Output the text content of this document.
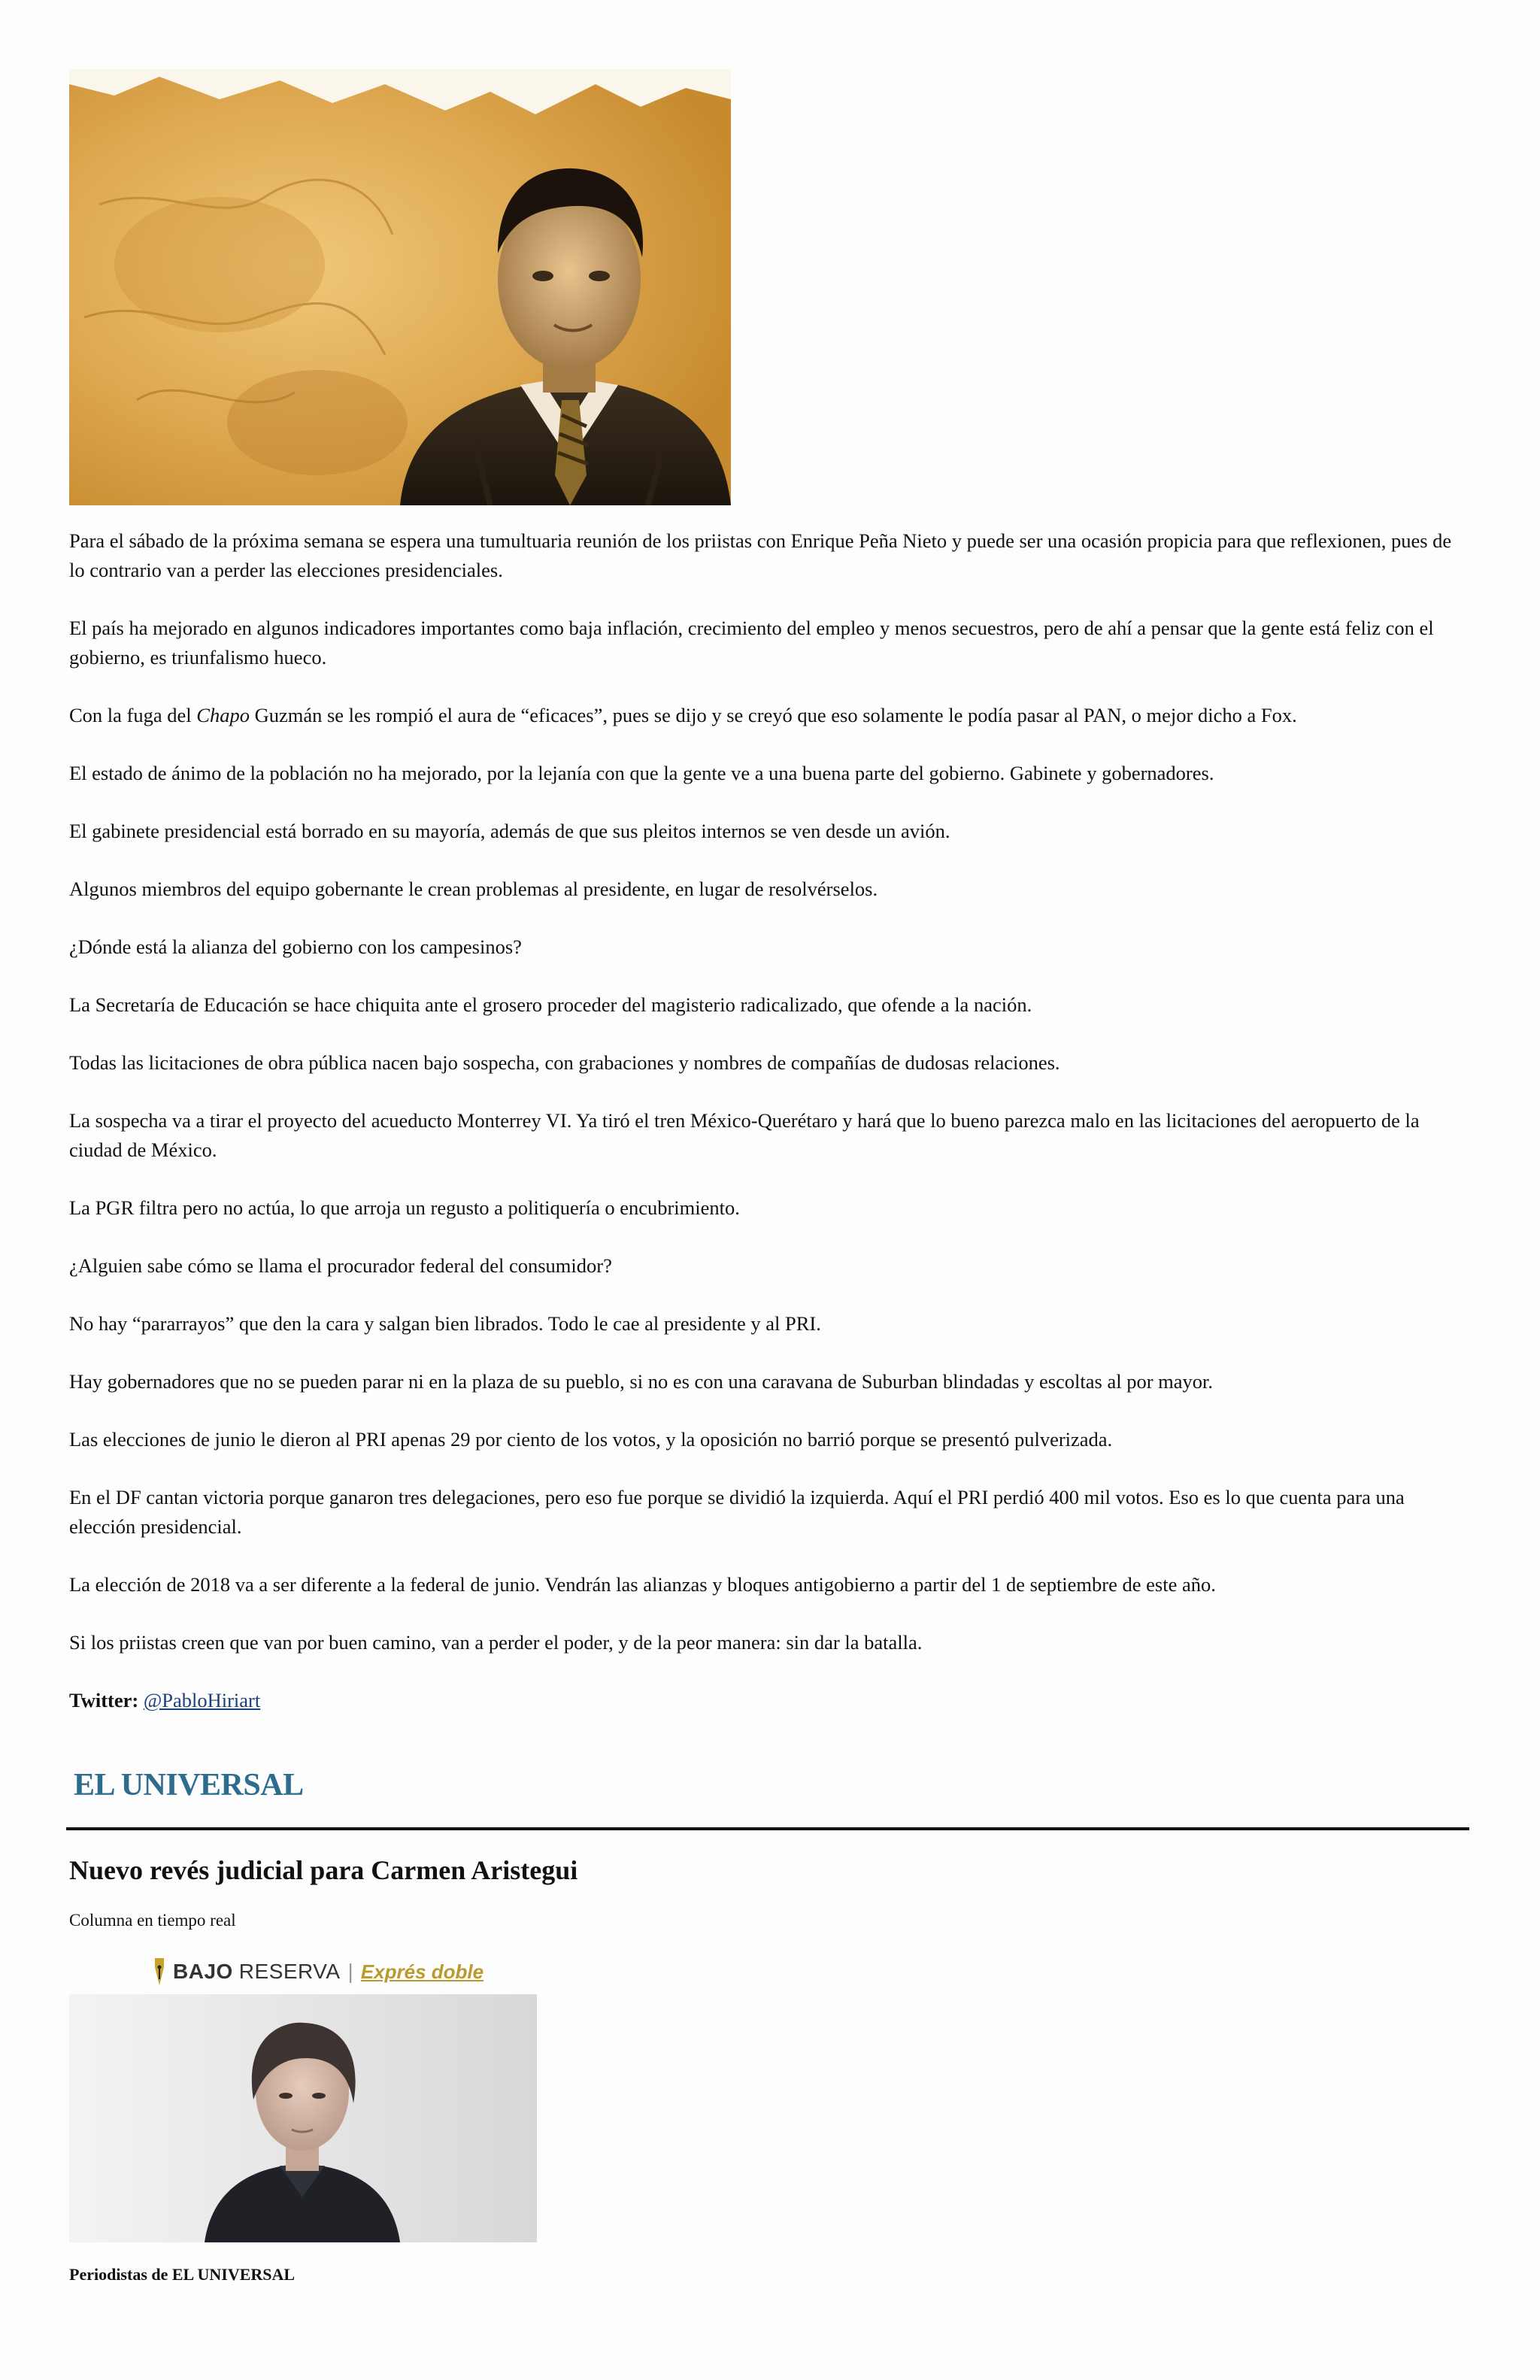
Para el sábado de la próxima semana se espera una tumultuaria reunión de los priistas con Enrique Peña Nieto y puede ser una ocasión propicia para que reflexionen, pues de lo contrario van a perder las elecciones presidenciales.

El país ha mejorado en algunos indicadores importantes como baja inflación, crecimiento del empleo y menos secuestros, pero de ahí a pensar que la gente está feliz con el gobierno, es triunfalismo hueco.

Con la fuga del Chapo Guzmán se les rompió el aura de “eficaces”, pues se dijo y se creyó que eso solamente le podía pasar al PAN, o mejor dicho a Fox.

El estado de ánimo de la población no ha mejorado, por la lejanía con que la gente ve a una buena parte del gobierno. Gabinete y gobernadores.

El gabinete presidencial está borrado en su mayoría, además de que sus pleitos internos se ven desde un avión.

Algunos miembros del equipo gobernante le crean problemas al presidente, en lugar de resolvérselos.

¿Dónde está la alianza del gobierno con los campesinos?

La Secretaría de Educación se hace chiquita ante el grosero proceder del magisterio radicalizado, que ofende a la nación.

Todas las licitaciones de obra pública nacen bajo sospecha, con grabaciones y nombres de compañías de dudosas relaciones.

La sospecha va a tirar el proyecto del acueducto Monterrey VI. Ya tiró el tren México-Querétaro y hará que lo bueno parezca malo en las licitaciones del aeropuerto de la ciudad de México.

La PGR filtra pero no actúa, lo que arroja un regusto a politiquería o encubrimiento.

¿Alguien sabe cómo se llama el procurador federal del consumidor?

No hay “pararrayos” que den la cara y salgan bien librados. Todo le cae al presidente y al PRI.

Hay gobernadores que no se pueden parar ni en la plaza de su pueblo, si no es con una caravana de Suburban blindadas y escoltas al por mayor.

Las elecciones de junio le dieron al PRI apenas 29 por ciento de los votos, y la oposición no barrió porque se presentó pulverizada.

En el DF cantan victoria porque ganaron tres delegaciones, pero eso fue porque se dividió la izquierda. Aquí el PRI perdió 400 mil votos. Eso es lo que cuenta para una elección presidencial.

La elección de 2018 va a ser diferente a la federal de junio. Vendrán las alianzas y bloques antigobierno a partir del 1 de septiembre de este año.

Si los priistas creen que van por buen camino, van a perder el poder, y de la peor manera: sin dar la batalla.

Twitter: @PabloHiriart
EL UNIVERSAL
Nuevo revés judicial para Carmen Aristegui
Columna en tiempo real
BAJO RESERVA | Exprés doble
Periodistas de EL UNIVERSAL
